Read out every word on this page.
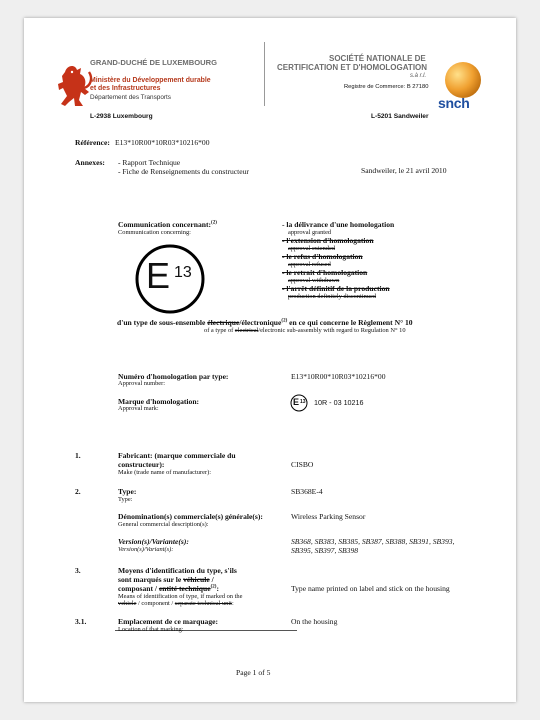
GRAND-DUCHÉ DE LUXEMBOURG
Ministère du Développement durable
et des Infrastructures
Département des Transports
L-2938 Luxembourg
SOCIÉTÉ NATIONALE DE
CERTIFICATION ET D'HOMOLOGATION
s.à r.l.
Registre de Commerce: B 27180
L-5201 Sandweiler
snch
Référence: E13*10R00*10R03*10216*00
Annexes: - Rapport Technique
- Fiche de Renseignements du constructeur	Sandweiler, le 21 avril 2010
Communication concernant:$^{(2)}$
Communication concerning:
E 13
- la délivrance d'une homologation
approval granted
- l'extension d'homologation
approval extended
- le refus d'homologation
approval refused
- le retrait d'homologation
approval withdrawn
- l'arrêt définitif de la production
production definitely discontinued
d'un type de sous-ensemble électrique/électronique$^{(2)}$ en ce qui concerne le Règlement N° 10
of a type of electrical/electronic sub-assembly with regard to Regulation N° 10
Numéro d'homologation par type:
Approval number:
E13*10R00*10R03*10216*00
Marque d'homologation:
Approval mark:
E 13 10R - 03 10216
1.	Fabricant: (marque commerciale du
constructeur):
Make (trade name of manufacturer):
CISBO
2.	Type:
Type:
SB368E-4
Dénomination(s) commerciale(s) générale(s):
General commercial description(s):
Wireless Parking Sensor
Version(s)/Variante(s):
Version(s)/Variant(s):
SB368, SB383, SB385, SB387, SB388, SB391, SB393,
SB395, SB397, SB398
3.	Moyens d'identification du type, s'ils
sont marqués sur le véhicule /
composant / entité technique$^{(2)}$:
Means of identification of type, if marked on the
vehicle / component / separate technical unit:
Type name printed on label and stick on the housing
3.1.	Emplacement de ce marquage:
Location of that marking:
On the housing
Page 1 of 5
